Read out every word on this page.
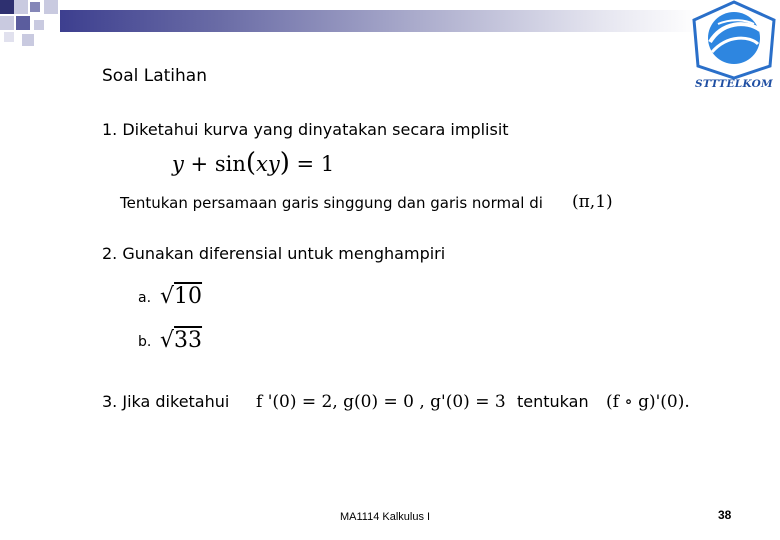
STTTELKOM
Soal Latihan
1. Diketahui kurva yang dinyatakan secara implisit
y + sin(xy) = 1
Tentukan persamaan garis singgung dan garis normal di (π,1)
2. Gunakan diferensial untuk menghampiri
a. √10
b. √33
3. Jika diketahui f '(0) = 2, g(0) = 0 , g'(0) = 3 tentukan (f ∘ g)'(0).
MA1114 Kalkulus I	38
